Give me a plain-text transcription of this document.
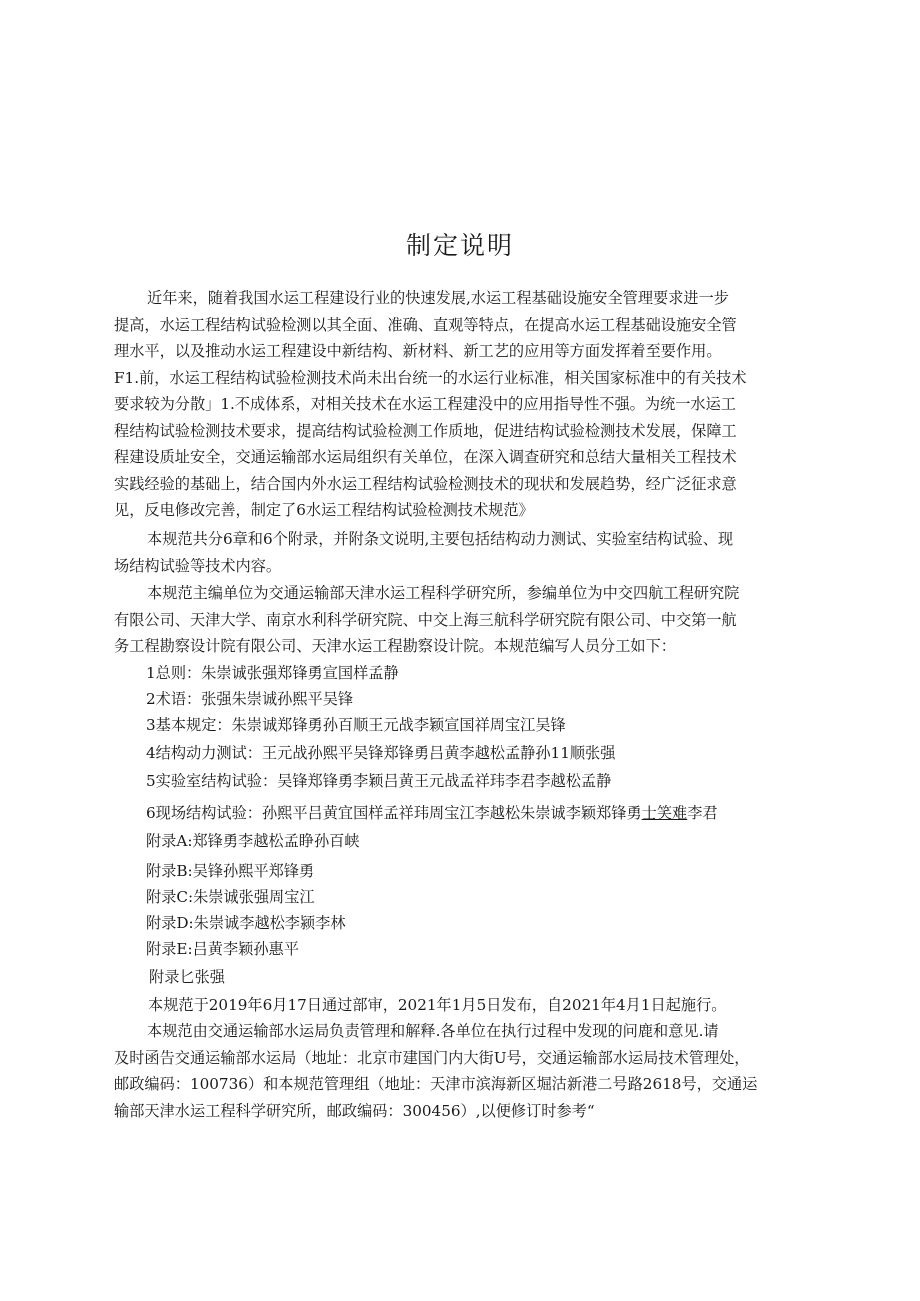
制定说明
近年来，随着我国水运工程建设行业的快速发展,水运工程基础设施安全管理要求进一步
提高，水运工程结构试验检测以其全面、准确、直观等特点，在提高水运工程基础设施安全管
理水平，以及推动水运工程建设中新结构、新材料、新工艺的应用等方面发挥着至要作用。
F1.前，水运工程结构试验检测技术尚未出台统一的水运行业标准，相关国家标准中的有关技术
要求较为分散」1.不成体系，对相关技术在水运工程建没中的应用指导性不强。为统一水运工
程结构试验检测技术要求，提高结构试验检测工作质地，促进结构试验检测技术发展，保障工
程建设质址安全，交通运输部水运局组织有关单位，在深入调查研究和总结大量相关工程技术
实践经验的基础上，结合国内外水运工程结构试验检测技术的现状和发展趋势，经广泛征求意
见，反电修改完善，制定了6水运工程结构试验检测技术规范》
本规范共分6章和6个附录，并附条文说明,主要包括结构动力测试、实验室结构试验、现
场结构试验等技术内容。
本规范主编单位为交通运输部天津水运工程科学研究所，参编单位为中交四航工程研究院
有限公司、天津大学、南京水利科学研究院、中交上海三航科学研究院有限公司、中交第一航
务工程勘察设计院有限公司、天津水运工程勘察设计院。本规范编写人员分工如下：
1总则：朱崇诚张强郑锋勇宣国样孟静
2术语：张强朱崇诚孙熙平吴锋
3基本规定：朱崇诚郑锋勇孙百顺王元战李颖宣国祥周宝江吴锋
4结构动力测试：王元战孙熙平吴锋郑锋勇吕黄李越松孟静孙11顺张强
5实验室结构试验：吴锋郑锋勇李颖吕黄王元战孟祥玮李君李越松孟静
6现场结构试验：孙熙平吕黄宜国样孟祥玮周宝江李越松朱崇诚李颖郑锋勇士笑难李君
附录A:郑锋勇李越松孟睁孙百峡
附录B:吴锋孙熙平郑锋勇
附录C:朱崇诚张强周宝江
附录D:朱崇诚李越松李颍李林
附录E:吕黄李颖孙惠平
附录匕张强
本规范于2019年6月17日通过部审，2021年1月5日发布，自2021年4月1日起施行。
本规范由交通运输部水运局负责管理和解释.各单位在执行过程中发现的问鹿和意见.请
及时函告交通运输部水运局（地址：北京市建国门内大街U号，交通运输部水运局技术管理处，
邮政编码：100736）和本规范管理组（地址：天津市滨海新区堀沽新港二号路2618号，交通运
输部天津水运工程科学研究所，邮政编码：300456）,以便修订时参考“
